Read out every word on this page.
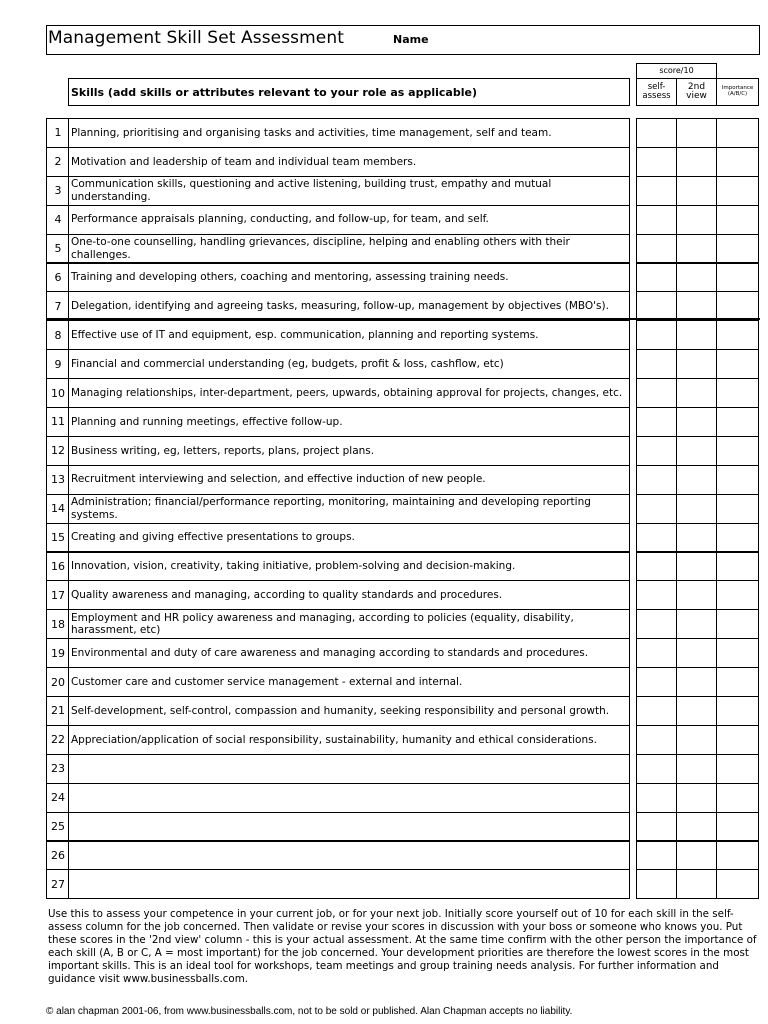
Management Skill Set Assessment	Name
score/10
Skills (add skills or attributes relevant to your role as applicable)	self-
assess
2nd
view
Importance
(A/B/C)
1 Planning, prioritising and organising tasks and activities, time management, self and team.
2 Motivation and leadership of team and individual team members.
3
Communication skills, questioning and active listening, building trust, empathy and mutual understanding.
4 Performance appraisals planning, conducting, and follow-up, for team, and self.
5
One-to-one counselling, handling grievances, discipline, helping and enabling others with their challenges.
6 Training and developing others, coaching and mentoring, assessing training needs.
7 Delegation, identifying and agreeing tasks, measuring, follow-up, management by objectives (MBO's).
8 Effective use of IT and equipment, esp. communication, planning and reporting systems.
9 Financial and commercial understanding (eg, budgets, profit & loss, cashflow, etc)
10 Managing relationships, inter-department, peers, upwards, obtaining approval for projects, changes, etc.
11 Planning and running meetings, effective follow-up.
12 Business writing, eg, letters, reports, plans, project plans.
13 Recruitment interviewing and selection, and effective induction of new people.
14
Administration; financial/performance reporting, monitoring, maintaining and developing reporting systems.
15 Creating and giving effective presentations to groups.
16 Innovation, vision, creativity, taking initiative, problem-solving and decision-making.
17 Quality awareness and managing, according to quality standards and procedures.
18
Employment and HR policy awareness and managing, according to policies (equality, disability, harassment, etc)
19 Environmental and duty of care awareness and managing according to standards and procedures.
20 Customer care and customer service management - external and internal.
21 Self-development, self-control, compassion and humanity, seeking responsibility and personal growth.
22 Appreciation/application of social responsibility, sustainability, humanity and ethical considerations.
23
24
25
26
27
Use this to assess your competence in your current job, or for your next job. Initially score yourself out of 10 for each skill in the self-assess column for the job concerned. Then validate or revise your scores in discussion with your boss or someone who knows you. Put these scores in the '2nd view' column - this is your actual assessment. At the same time confirm with the other person the importance of each skill (A, B or C, A = most important) for the job concerned. Your development priorities are therefore the lowest scores in the most important skills. This is an ideal tool for workshops, team meetings and group training needs analysis. For further information and guidance visit www.businessballs.com.
© alan chapman 2001-06, from www.businessballs.com, not to be sold or published. Alan Chapman accepts no liability.
